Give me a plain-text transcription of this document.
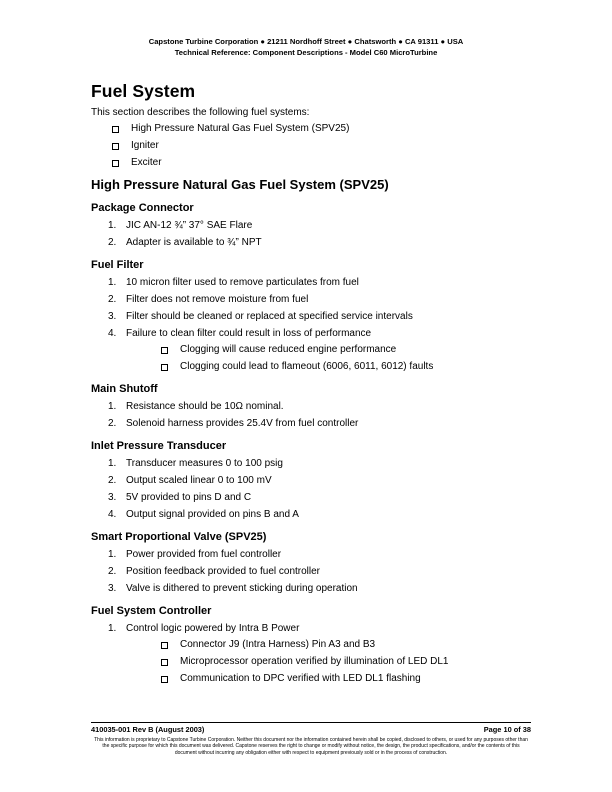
Capstone Turbine Corporation ● 21211 Nordhoff Street ● Chatsworth ● CA 91311 ● USA
Technical Reference: Component Descriptions - Model C60 MicroTurbine
Fuel System

This section describes the following fuel systems:

High Pressure Natural Gas Fuel System (SPV25)
Igniter
Exciter
High Pressure Natural Gas Fuel System (SPV25)
Package Connector
1. JIC AN-12 ¾” 37° SAE Flare
2. Adapter is available to ¾” NPT
Fuel Filter
1. 10 micron filter used to remove particulates from fuel
2. Filter does not remove moisture from fuel
3. Filter should be cleaned or replaced at specified service intervals
4. Failure to clean filter could result in loss of performance
Clogging will cause reduced engine performance
Clogging could lead to flameout (6006, 6011, 6012) faults
Main Shutoff
1. Resistance should be 10Ω nominal.
2. Solenoid harness provides 25.4V from fuel controller
Inlet Pressure Transducer
1. Transducer measures 0 to 100 psig
2. Output scaled linear 0 to 100 mV
3. 5V provided to pins D and C
4. Output signal provided on pins B and A
Smart Proportional Valve (SPV25)
1. Power provided from fuel controller
2. Position feedback provided to fuel controller
3. Valve is dithered to prevent sticking during operation
Fuel System Controller
1. Control logic powered by Intra B Power
Connector J9 (Intra Harness) Pin A3 and B3
Microprocessor operation verified by illumination of LED DL1
Communication to DPC verified with LED DL1 flashing
410035-001 Rev B (August 2003)	Page 10 of 38
This information is proprietary to Capstone Turbine Corporation. Neither this document nor the information contained herein shall be copied, disclosed to others, or used for any purposes other than the specific purpose for which this document was delivered. Capstone reserves the right to change or modify without notice, the design, the product specifications, and/or the contents of this document without incurring any obligation either with respect to equipment previously sold or in the process of construction.
